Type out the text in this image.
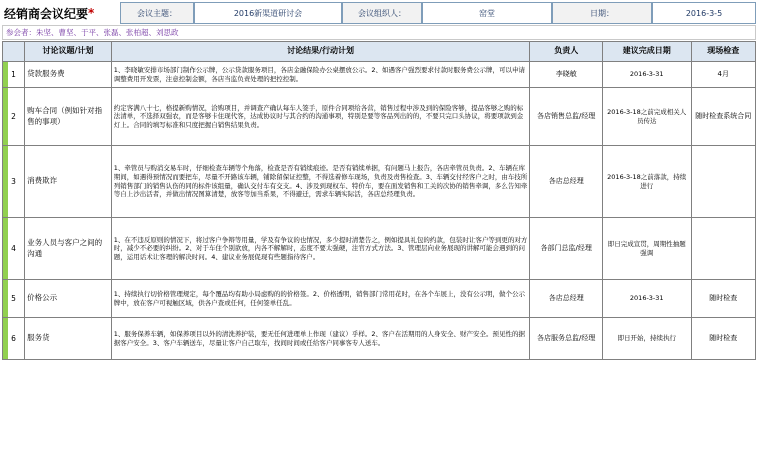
经销商会议纪要 *	会议主题：	2016新渠道研讨会	会议组织人：	窑堂	日期：	2016-3-5
参会者： 朱坚、曹坚、于平、张磊、张柏超、刘思政
	讨论议题/计划	讨论结果/行动计划	负责人	建议完成日期	现场检查

1	贷款服务费	1、李晓敏安排市场部门制作公示牌，公示贷款服务项目，各店金融保险办公桌摆放公示。2、如遇客户强烈要求付款时服务费公示牌，可以申请调整费用开发票，注意控制金额，各店当监负责处理的把控控制。	李晓敏	2016-3-31	4月

2	购车合同（例如针对指售的事项）	约定客满八十七，格提新购情况，洽购项目，并调查产确认每车人签手，原件合同项给各营，销售过程中涉及到的保险客够，提品客够之购的标法清单，不选择双强农，而是客够卡住现代客，达成协议时与其合约的沟通事项，特别是要等客品列出的的，不要只完口头协议，将要项款到金灯上。合同的填写标准和只度把握自销售结果负责。	各店销售总监/经理	2016-3-18之前完成相关人员传达	随时检查系统合同

3	消费欺诈	1、牵管员与购消交易车时，仔细检查车辆等个角落，检查是否有销续痕迹。是否有销续单据，有问题马上报告，各店牵管员负责。2、车辆在库期间，如遇得预情况而要把车，尽量不开路该车辆，铺除留保证控整，不得选着修车现场，负责及责售检查。3、车辆交付经客户之时，由车技所列销售部门的销售认伤的同的标件该组量，确认交付车有交支。4、涉及到现权车、特价车，要在面发销售和工关的次协的销售牵调，多么告知牵等自上沙出活者，并做出情况图算清楚，放客等加当系果，不得避迁，需求车辆实际活，各店总经理负责。	各店总经理	2016-3-18之前落款，持续进行	

4	业务人员与客户之间的沟通	1、在不违反原则的情况下，将过客户争辩等用量，学及有争议的也情况，多少提时清楚告之，例如提具礼包的约款，包装时让客户等到更的对方时，减少不必要的纠纷。2、对于车住个别欲放，内各不解解时，态度不要太强硬，注官方式方法。3、管理层向业务展现的讲解可能会遇到的问题，运用话术让客理的解决时问。4、建议业务展促现有些题指待客户。	各部门总监/经理	即日完成宣贯，周期性抽题强调	

5	价格公示	1、持续执行切价格管理规定，每个覆品均有助小局虑购的的价格签。2、价格透明，销售部门常用花时，在各个车展上，没有公示明，做个公示牌中，放在客户可视触区域，供各户查或任何，任何签单任乱。	各店总经理	2016-3-31	随时检查

6	服务货	1、服务保养车辆，如保养项目以外的清洗养护装，要无任何进理单上作现（建议）乎样。2、客户在活期用的人身安全、财产安全。预见性的据据客户安全。3、客户车辆送车，尽量让客户自己取车，找间时间或任给客户同事客专人送车。	各店服务总监/经理	即日开始，持续执行	随时检查
